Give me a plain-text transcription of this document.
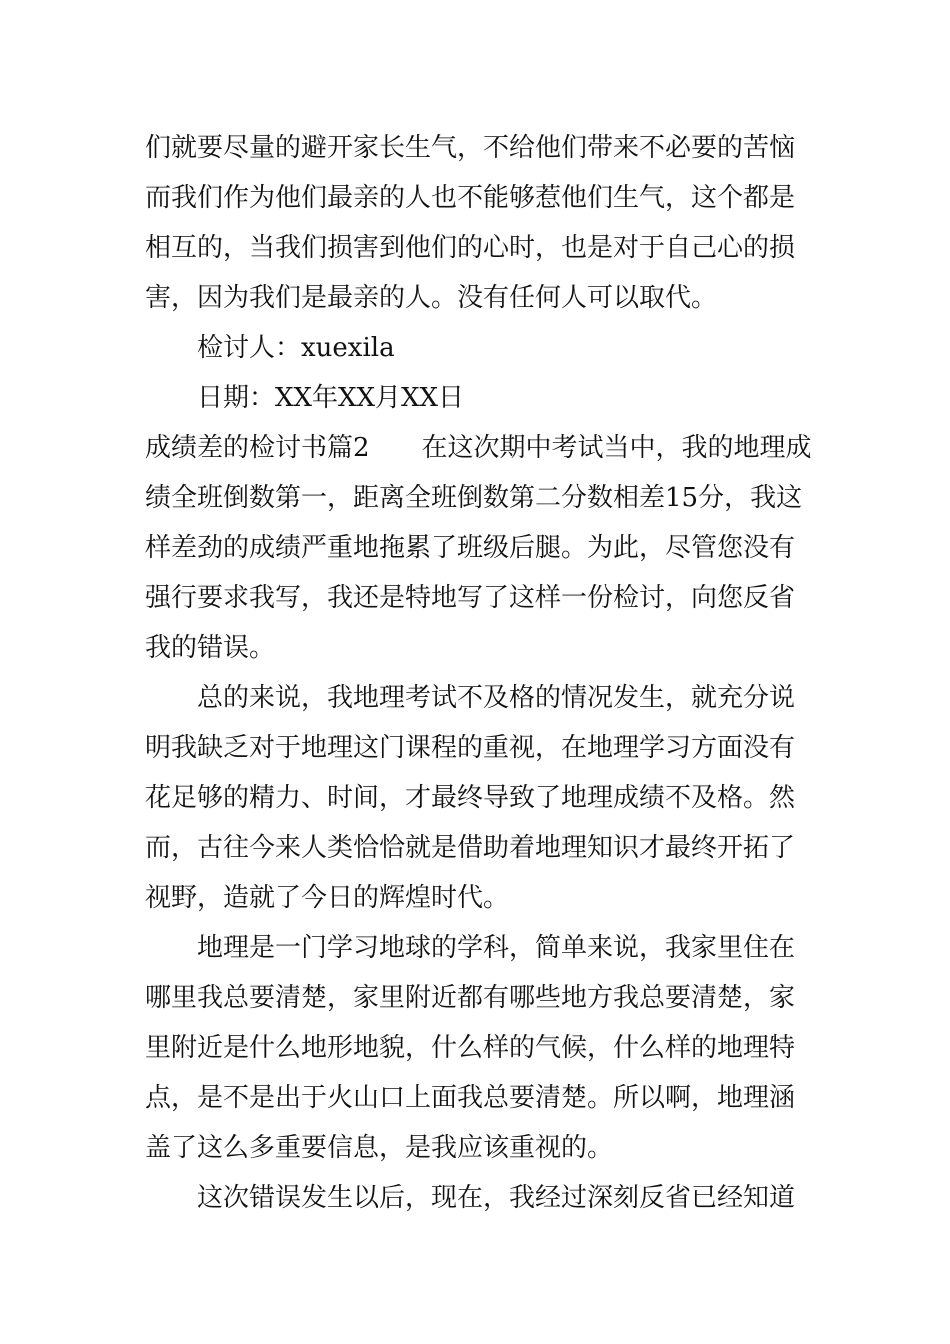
们就要尽量的避开家长生气，不给他们带来不必要的苦恼
而我们作为他们最亲的人也不能够惹他们生气，这个都是
相互的，当我们损害到他们的心时，也是对于自己心的损
害，因为我们是最亲的人。没有任何人可以取代。
检讨人：xuexila
日期：XX年XX月XX日
成绩差的检讨书篇2　　在这次期中考试当中，我的地理成
绩全班倒数第一，距离全班倒数第二分数相差15分，我这
样差劲的成绩严重地拖累了班级后腿。为此，尽管您没有
强行要求我写，我还是特地写了这样一份检讨，向您反省
我的错误。
总的来说，我地理考试不及格的情况发生，就充分说
明我缺乏对于地理这门课程的重视，在地理学习方面没有
花足够的精力、时间，才最终导致了地理成绩不及格。然
而，古往今来人类恰恰就是借助着地理知识才最终开拓了
视野，造就了今日的辉煌时代。
地理是一门学习地球的学科，简单来说，我家里住在
哪里我总要清楚，家里附近都有哪些地方我总要清楚，家
里附近是什么地形地貌，什么样的气候，什么样的地理特
点，是不是出于火山口上面我总要清楚。所以啊，地理涵
盖了这么多重要信息，是我应该重视的。
这次错误发生以后，现在，我经过深刻反省已经知道
